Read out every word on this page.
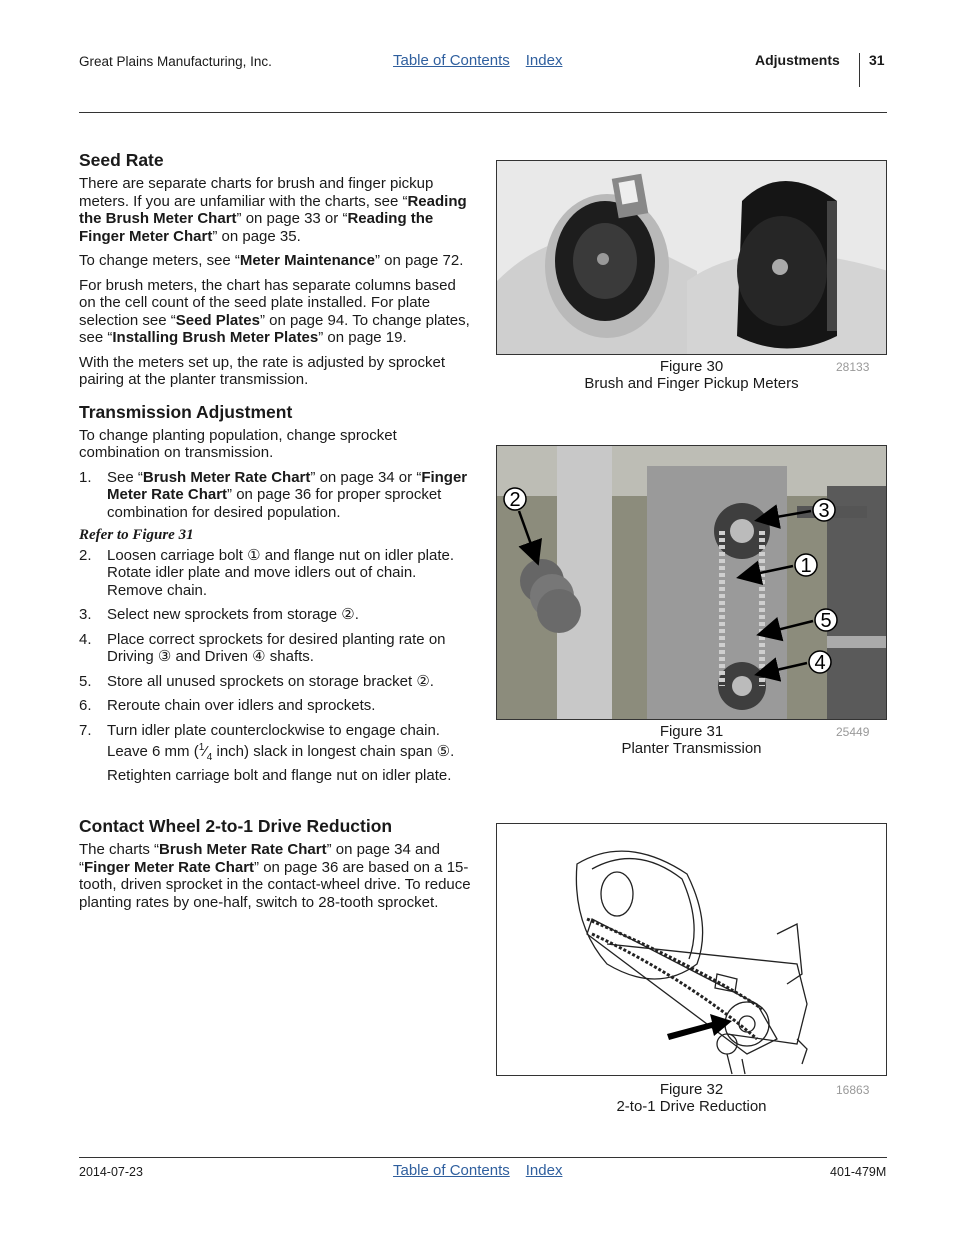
Great Plains Manufacturing, Inc.	Table of Contents Index	Adjustments 31
Seed Rate

There are separate charts for brush and finger pickup meters. If you are unfamiliar with the charts, see “Reading the Brush Meter Chart” on page 33 or “Reading the Finger Meter Chart” on page 35.

To change meters, see “Meter Maintenance” on page 72.

For brush meters, the chart has separate columns based on the cell count of the seed plate installed. For plate selection see “Seed Plates” on page 94. To change plates, see “Installing Brush Meter Plates” on page 19.

With the meters set up, the rate is adjusted by sprocket pairing at the planter transmission.

Transmission Adjustment

To change planting population, change sprocket combination on transmission.

1. See “Brush Meter Rate Chart” on page 34 or “Finger Meter Rate Chart” on page 36 for proper sprocket combination for desired population.
Refer to Figure 31
2. Loosen carriage bolt ① and flange nut on idler plate. Rotate idler plate and move idlers out of chain. Remove chain.
3. Select new sprockets from storage ②.
4. Place correct sprockets for desired planting rate on Driving ③ and Driven ④ shafts.
5. Store all unused sprockets on storage bracket ②.
6. Reroute chain over idlers and sprockets.
7. Turn idler plate counterclockwise to engage chain. Leave 6 mm ($^1⁄_4$ inch) slack in longest chain span ⑤. Retighten carriage bolt and flange nut on idler plate.
Contact Wheel 2-to-1 Drive Reduction

The charts “Brush Meter Rate Chart” on page 34 and “Finger Meter Rate Chart” on page 36 are based on a 15-tooth, driven sprocket in the contact-wheel drive. To reduce planting rates by one-half, switch to 28-tooth sprocket.

Figure 30
Brush and Finger Pickup Meters
28133
2	3
1
5
4
Figure 31
Planter Transmission
25449
Figure 32
2-to-1 Drive Reduction
16863
2014-07-23	Table of Contents Index	401-479M
